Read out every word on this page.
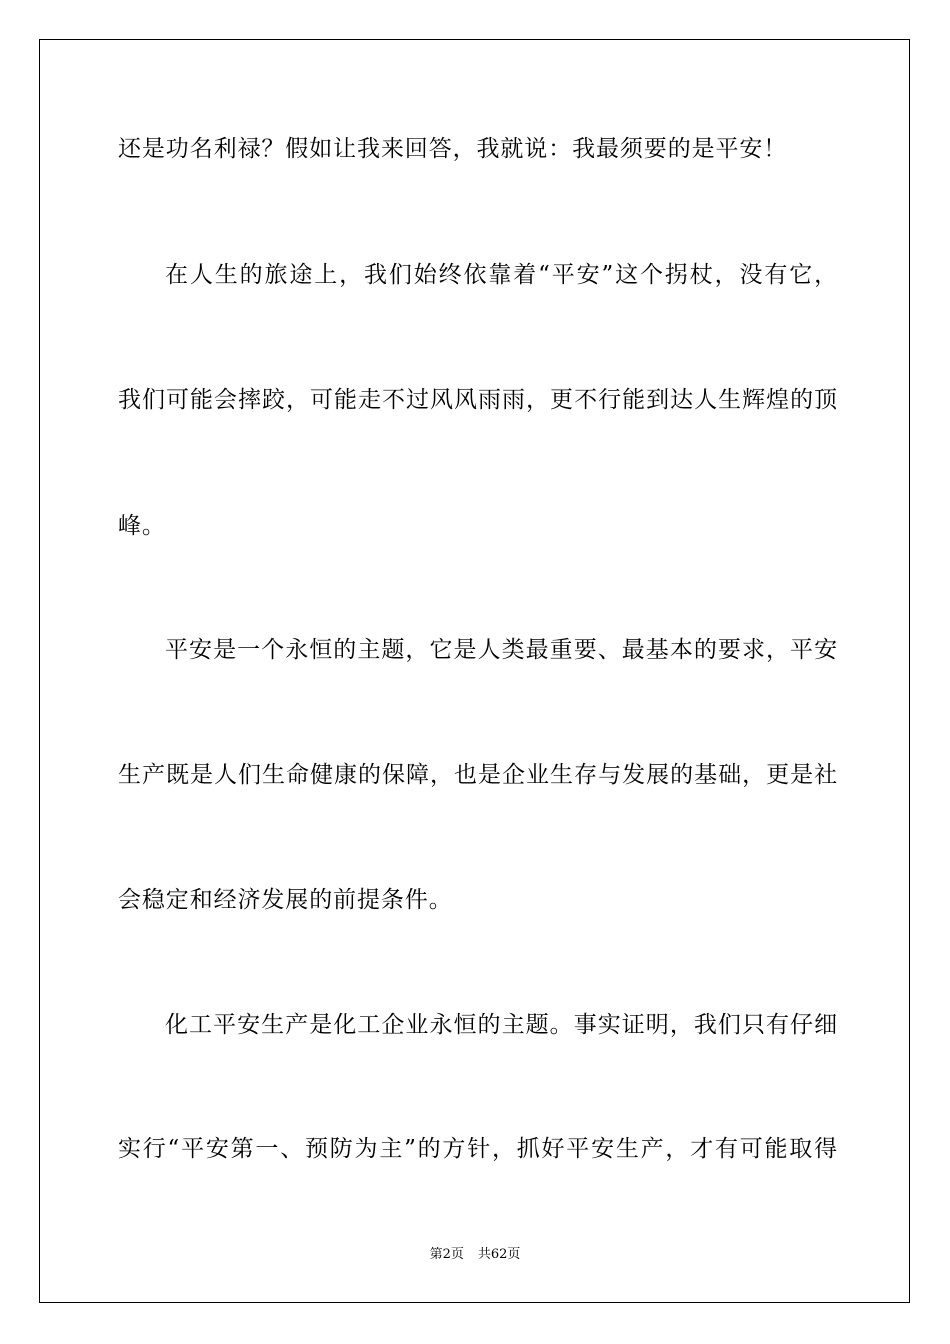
还是功名利禄？假如让我来回答，我就说：我最须要的是平安！
在人生的旅途上，我们始终依靠着“平安”这个拐杖，没有它，
我们可能会摔跤，可能走不过风风雨雨，更不行能到达人生辉煌的顶
峰。
平安是一个永恒的主题，它是人类最重要、最基本的要求，平安
生产既是人们生命健康的保障，也是企业生存与发展的基础，更是社
会稳定和经济发展的前提条件。
化工平安生产是化工企业永恒的主题。事实证明，我们只有仔细
实行“平安第一、预防为主”的方针，抓好平安生产，才有可能取得
第2页 共62页
